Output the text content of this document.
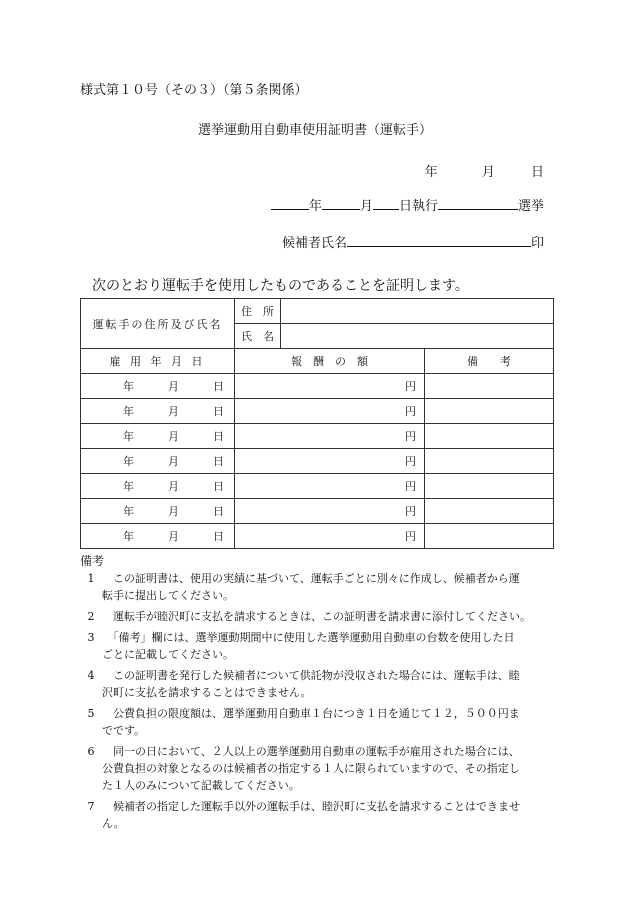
様式第１０号（その３）（第５条関係）
選挙運動用自動車使用証明書（運転手）
年	月	日
年	月 日執行	選挙
候補者氏名	印
次のとおり運転手を使用したものであることを証明します。
運転手の住所及び氏名	住　所		
	氏　名		
雇 用 年 月 日	報　酬　の　額		備　　考

年 月 日	円		

年 月 日	円		

年 月 日	円		

年 月 日	円		

年 月 日	円		

年 月 日	円		

年 月 日	円		
備考
1	　この証明書は、使用の実績に基づいて、運転手ごとに別々に作成し、候補者から運
転手に提出してください。
2 　運転手が睦沢町に支払を請求するときは、この証明書を請求書に添付してください。
3	　「備考」欄には、選挙運動期間中に使用した選挙運動用自動車の台数を使用した日
ごとに記載してください。
4	　この証明書を発行した候補者について供託物が没収された場合には、運転手は、睦
沢町に支払を請求することはできません。
5	　公費負担の限度額は、選挙運動用自動車１台につき１日を通じて１２，５００円ま
でです。
6	　同一の日において、２人以上の選挙運動用自動車の運転手が雇用された場合には、
公費負担の対象となるのは候補者の指定する１人に限られていますので、その指定し
た１人のみについて記載してください。
7	　候補者の指定した運転手以外の運転手は、睦沢町に支払を請求することはできませ
ん。
